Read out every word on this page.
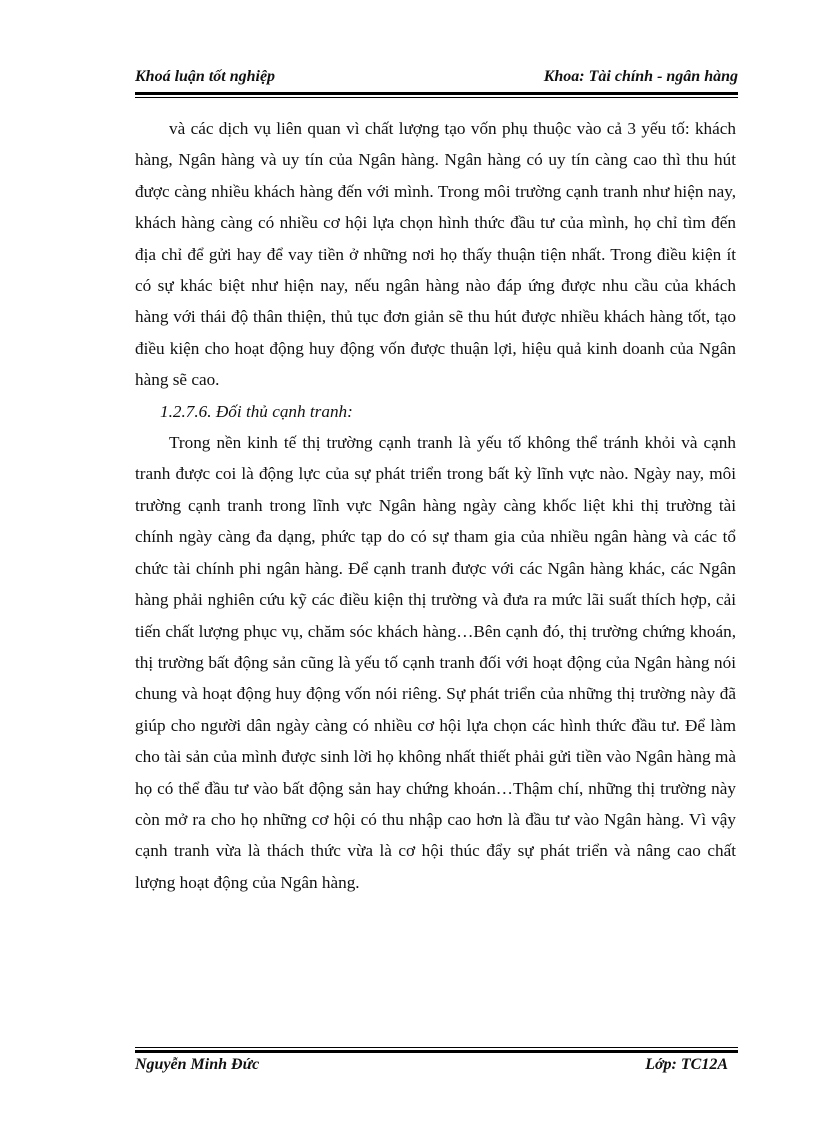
Khoá luận tốt nghiệp	Khoa: Tài chính - ngân hàng

và các dịch vụ liên quan vì chất lượng tạo vốn phụ thuộc vào cả 3 yếu tố: khách hàng, Ngân hàng và uy tín của Ngân hàng. Ngân hàng có uy tín càng cao thì thu hút được càng nhiều khách hàng đến với mình. Trong môi trường cạnh tranh như hiện nay, khách hàng càng có nhiều cơ hội lựa chọn hình thức đầu tư của mình, họ chỉ tìm đến địa chỉ để gửi hay để vay tiền ở những nơi họ thấy thuận tiện nhất. Trong điều kiện ít có sự khác biệt như hiện nay, nếu ngân hàng nào đáp ứng được nhu cầu của khách hàng với thái độ thân thiện, thủ tục đơn giản sẽ thu hút được nhiều khách hàng tốt, tạo điều kiện cho hoạt động huy động vốn được thuận lợi, hiệu quả kinh doanh của Ngân hàng sẽ cao.

1.2.7.6. Đối thủ cạnh tranh:

Trong nền kinh tế thị trường cạnh tranh là yếu tố không thể tránh khỏi và cạnh tranh được coi là động lực của sự phát triển trong bất kỳ lĩnh vực nào. Ngày nay, môi trường cạnh tranh trong lĩnh vực Ngân hàng ngày càng khốc liệt khi thị trường tài chính ngày càng đa dạng, phức tạp do có sự tham gia của nhiều ngân hàng và các tổ chức tài chính phi ngân hàng. Để cạnh tranh được với các Ngân hàng khác, các Ngân hàng phải nghiên cứu kỹ các điều kiện thị trường và đưa ra mức lãi suất thích hợp, cải tiến chất lượng phục vụ, chăm sóc khách hàng…Bên cạnh đó, thị trường chứng khoán, thị trường bất động sản cũng là yếu tố cạnh tranh đối với hoạt động của Ngân hàng nói chung và hoạt động huy động vốn nói riêng. Sự phát triển của những thị trường này đã giúp cho người dân ngày càng có nhiều cơ hội lựa chọn các hình thức đầu tư. Để làm cho tài sản của mình được sinh lời họ không nhất thiết phải gửi tiền vào Ngân hàng mà họ có thể đầu tư vào bất động sản hay chứng khoán…Thậm chí, những thị trường này còn mở ra cho họ những cơ hội có thu nhập cao hơn là đầu tư vào Ngân hàng. Vì vậy cạnh tranh vừa là thách thức vừa là cơ hội thúc đẩy sự phát triển và nâng cao chất lượng hoạt động của Ngân hàng.

Nguyễn Minh Đức	Lớp: TC12A
